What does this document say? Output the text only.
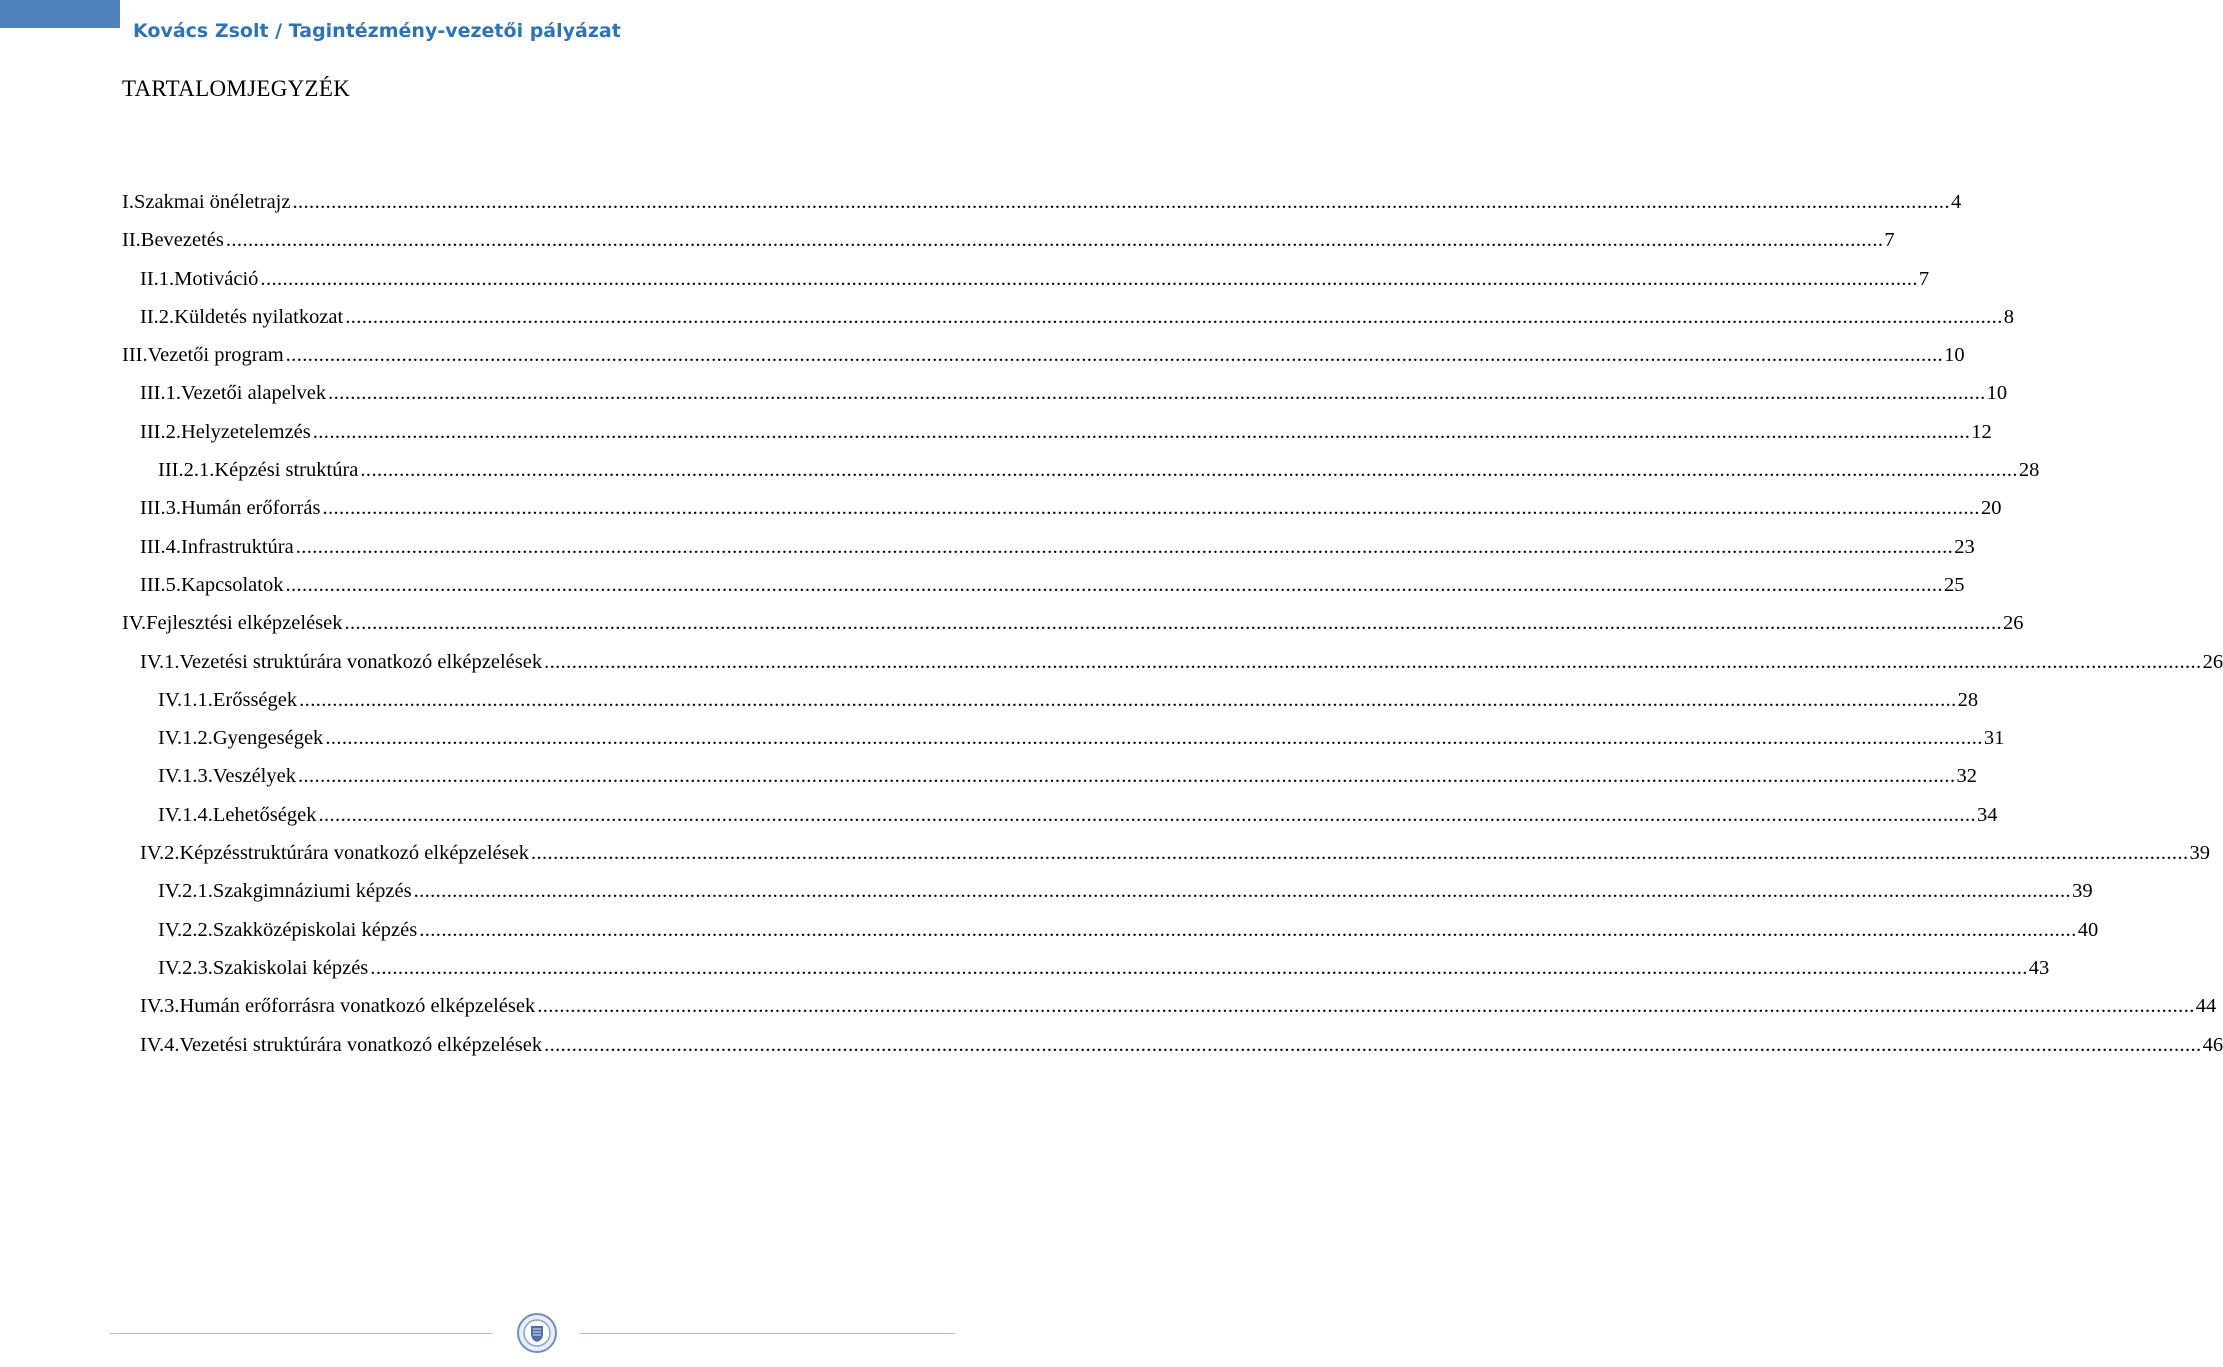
Kovács Zsolt / Tagintézmény-vezetői pályázat
TARTALOMJEGYZÉK
I. Szakmai önéletrajz ............................................................................................................................................................................................................................................................................................................ 4
II. Bevezetés ............................................................................................................................................................................................................................................................................................................ 7
II.1. Motiváció ............................................................................................................................................................................................................................................................................................................ 7
II.2. Küldetés nyilatkozat ............................................................................................................................................................................................................................................................................................................ 8
III. Vezetői program ............................................................................................................................................................................................................................................................................................................ 10
III.1. Vezetői alapelvek ............................................................................................................................................................................................................................................................................................................ 10
III.2. Helyzetelemzés ............................................................................................................................................................................................................................................................................................................ 12
III.2.1. Képzési struktúra ............................................................................................................................................................................................................................................................................................................ 28
III.3. Humán erőforrás ............................................................................................................................................................................................................................................................................................................ 20
III.4. Infrastruktúra ............................................................................................................................................................................................................................................................................................................ 23
III.5. Kapcsolatok ............................................................................................................................................................................................................................................................................................................ 25
IV. Fejlesztési elképzelések ............................................................................................................................................................................................................................................................................................................ 26
IV.1. Vezetési struktúrára vonatkozó elképzelések ............................................................................................................................................................................................................................................................................................................ 26
IV.1.1. Erősségek ............................................................................................................................................................................................................................................................................................................ 28
IV.1.2. Gyengeségek ............................................................................................................................................................................................................................................................................................................ 31
IV.1.3. Veszélyek ............................................................................................................................................................................................................................................................................................................ 32
IV.1.4. Lehetőségek ............................................................................................................................................................................................................................................................................................................ 34
IV.2. Képzésstruktúrára vonatkozó elképzelések ............................................................................................................................................................................................................................................................................................................ 39
IV.2.1. Szakgimnáziumi képzés ............................................................................................................................................................................................................................................................................................................ 39
IV.2.2. Szakközépiskolai képzés ............................................................................................................................................................................................................................................................................................................ 40
IV.2.3. Szakiskolai képzés ............................................................................................................................................................................................................................................................................................................ 43
IV.3. Humán erőforrásra vonatkozó elképzelések ............................................................................................................................................................................................................................................................................................................ 44
IV.4. Vezetési struktúrára vonatkozó elképzelések ............................................................................................................................................................................................................................................................................................................ 46
